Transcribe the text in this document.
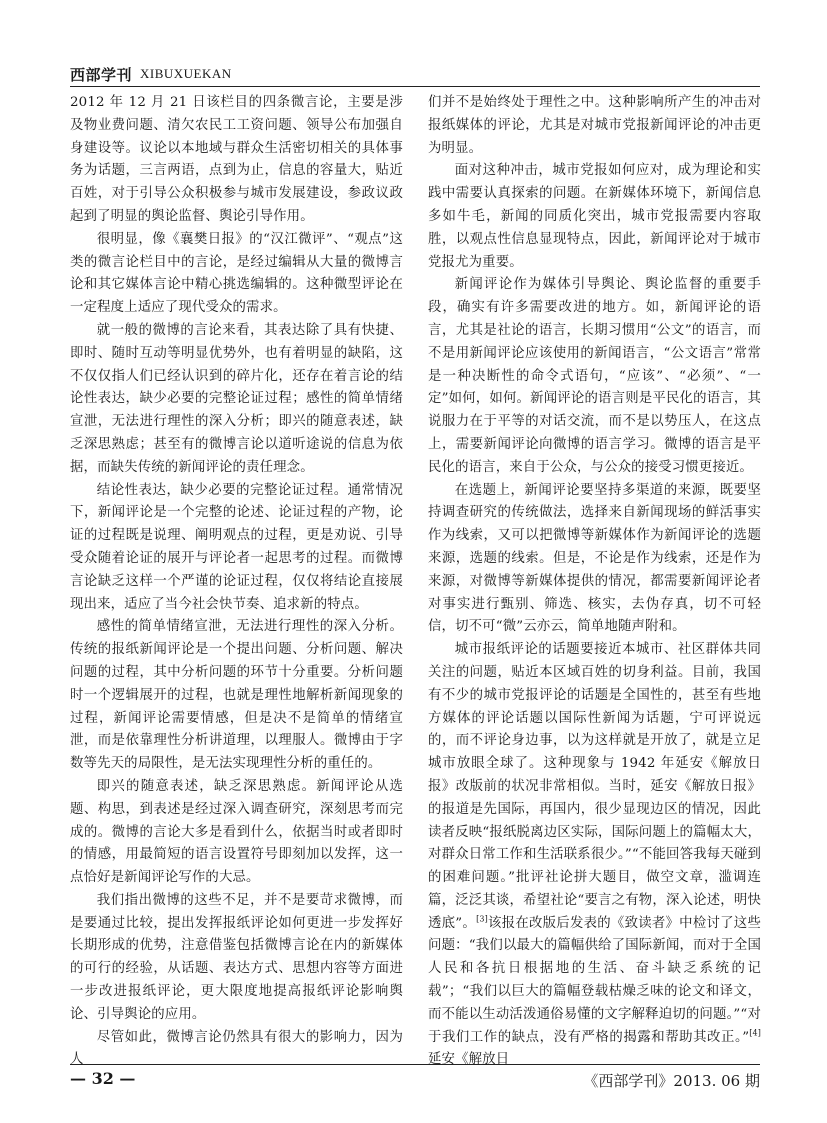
西部学刊 XIBUXUEKAN

2012 年 12 月 21 日该栏目的四条微言论，主要是涉及物业费问题、清欠农民工工资问题、领导公布加强自身建设等。议论以本地域与群众生活密切相关的具体事务为话题，三言两语，点到为止，信息的容量大，贴近百姓，对于引导公众积极参与城市发展建设，参政议政起到了明显的舆论监督、舆论引导作用。

很明显，像《襄樊日报》的“汉江微评”、“观点”这类的微言论栏目中的言论，是经过编辑从大量的微博言论和其它媒体言论中精心挑选编辑的。这种微型评论在一定程度上适应了现代受众的需求。

就一般的微博的言论来看，其表达除了具有快捷、即时、随时互动等明显优势外，也有着明显的缺陷，这不仅仅指人们已经认识到的碎片化，还存在着言论的结论性表达，缺少必要的完整论证过程；感性的简单情绪宣泄，无法进行理性的深入分析；即兴的随意表述，缺乏深思熟虑；甚至有的微博言论以道听途说的信息为依据，而缺失传统的新闻评论的责任理念。

结论性表达，缺少必要的完整论证过程。通常情况下，新闻评论是一个完整的论述、论证过程的产物，论证的过程既是说理、阐明观点的过程，更是劝说、引导受众随着论证的展开与评论者一起思考的过程。而微博言论缺乏这样一个严谨的论证过程，仅仅将结论直接展现出来，适应了当今社会快节奏、追求新的特点。

感性的简单情绪宣泄，无法进行理性的深入分析。传统的报纸新闻评论是一个提出问题、分析问题、解决问题的过程，其中分析问题的环节十分重要。分析问题时一个逻辑展开的过程，也就是理性地解析新闻现象的过程，新闻评论需要情感，但是决不是简单的情绪宣泄，而是依靠理性分析讲道理，以理服人。微博由于字数等先天的局限性，是无法实现理性分析的重任的。

即兴的随意表述，缺乏深思熟虑。新闻评论从选题、构思，到表述是经过深入调查研究，深刻思考而完成的。微博的言论大多是看到什么，依据当时或者即时的情感，用最简短的语言设置符号即刻加以发挥，这一点恰好是新闻评论写作的大忌。

我们指出微博的这些不足，并不是要苛求微博，而是要通过比较，提出发挥报纸评论如何更进一步发挥好长期形成的优势，注意借鉴包括微博言论在内的新媒体的可行的经验，从话题、表达方式、思想内容等方面进一步改进报纸评论，更大限度地提高报纸评论影响舆论、引导舆论的应用。

尽管如此，微博言论仍然具有很大的影响力，因为人

们并不是始终处于理性之中。这种影响所产生的冲击对报纸媒体的评论，尤其是对城市党报新闻评论的冲击更为明显。

面对这种冲击，城市党报如何应对，成为理论和实践中需要认真探索的问题。在新媒体环境下，新闻信息多如牛毛，新闻的同质化突出，城市党报需要内容取胜，以观点性信息显现特点，因此，新闻评论对于城市党报尤为重要。

新闻评论作为媒体引导舆论、舆论监督的重要手段，确实有许多需要改进的地方。如，新闻评论的语言，尤其是社论的语言，长期习惯用“公文”的语言，而不是用新闻评论应该使用的新闻语言，“公文语言”常常是一种决断性的命令式语句，“应该”、“必须”、“一定”如何，如何。新闻评论的语言则是平民化的语言，其说服力在于平等的对话交流，而不是以势压人，在这点上，需要新闻评论向微博的语言学习。微博的语言是平民化的语言，来自于公众，与公众的接受习惯更接近。

在选题上，新闻评论要坚持多渠道的来源，既要坚持调查研究的传统做法，选择来自新闻现场的鲜活事实作为线索，又可以把微博等新媒体作为新闻评论的选题来源，选题的线索。但是，不论是作为线索，还是作为来源，对微博等新媒体提供的情况，都需要新闻评论者对事实进行甄别、筛选、核实，去伪存真，切不可轻信，切不可“微”云亦云，简单地随声附和。

城市报纸评论的话题要接近本城市、社区群体共同关注的问题，贴近本区域百姓的切身利益。目前，我国有不少的城市党报评论的话题是全国性的，甚至有些地方媒体的评论话题以国际性新闻为话题，宁可评说远的，而不评论身边事，以为这样就是开放了，就是立足城市放眼全球了。这种现象与 1942 年延安《解放日报》改版前的状况非常相似。当时，延安《解放日报》的报道是先国际，再国内，很少显现边区的情况，因此读者反映“报纸脱离边区实际，国际问题上的篇幅太大，对群众日常工作和生活联系很少。”“不能回答我每天碰到的困难问题。”批评社论拼大题目，做空文章，滥调连篇，泛泛其谈，希望社论“要言之有物，深入论述，明快透底”。[3]该报在改版后发表的《致读者》中检讨了这些问题：“我们以最大的篇幅供给了国际新闻，而对于全国人民和各抗日根据地的生活、奋斗缺乏系统的记载”；“我们以巨大的篇幅登载枯燥乏味的论文和译文，而不能以生动活泼通俗易懂的文字解释迫切的问题。”“对于我们工作的缺点，没有严格的揭露和帮助其改正。”[4]延安《解放日

— 32 —	《西部学刊》2013. 06 期
